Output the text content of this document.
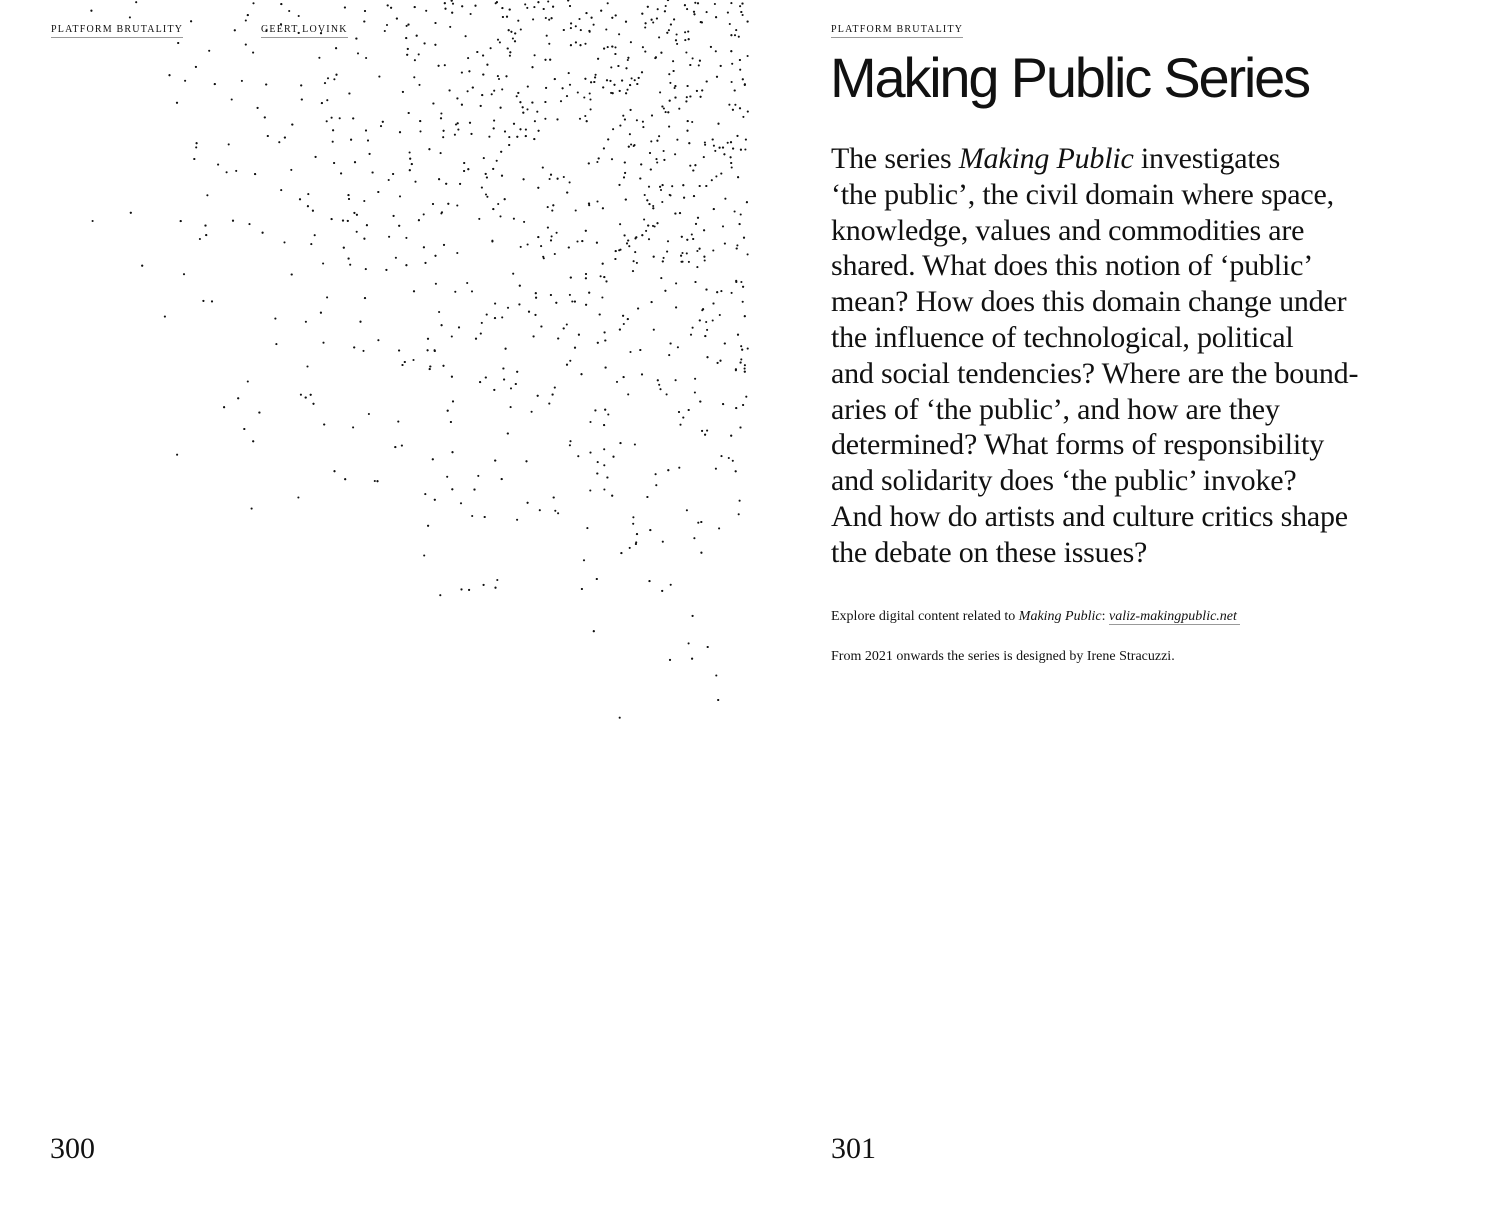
PLATFORM BRUTALITY	GEERT LOVINK
300
PLATFORM BRUTALITY
Making Public Series

The series Making Public investigates
‘the public’, the civil domain where space,
knowledge, values and commodities are
shared. What does this notion of ‘public’
mean? How does this domain change under
the influence of technological, political
and social tendencies? Where are the bound-
aries of ‘the public’, and how are they
determined? What forms of responsibility
and solidarity does ‘the public’ invoke?
And how do artists and culture critics shape
the debate on these issues?

Explore digital content related to Making Public: valiz-makingpublic.net

From 2021 onwards the series is designed by Irene Stracuzzi.

301
